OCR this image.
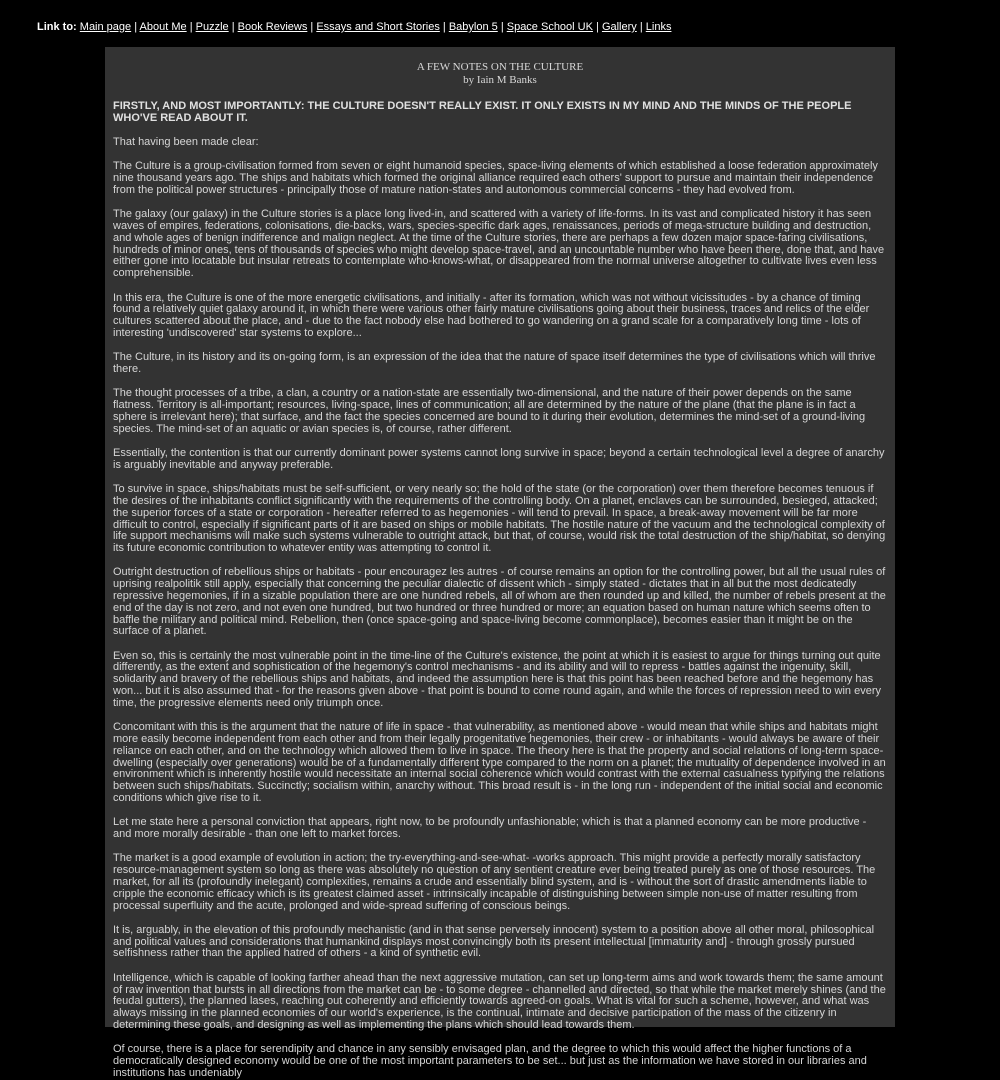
Link to: Main page | About Me | Puzzle | Book Reviews | Essays and Short Stories | Babylon 5 | Space School UK | Gallery | Links
A FEW NOTES ON THE CULTURE
by Iain M Banks
FIRSTLY, AND MOST IMPORTANTLY: THE CULTURE DOESN'T REALLY EXIST. IT ONLY EXISTS IN MY MIND AND THE MINDS OF THE PEOPLE WHO'VE READ ABOUT IT.
That having been made clear:
The Culture is a group-civilisation formed from seven or eight humanoid species, space-living elements of which established a loose federation approximately nine thousand years ago. The ships and habitats which formed the original alliance required each others' support to pursue and maintain their independence from the political power structures - principally those of mature nation-states and autonomous commercial concerns - they had evolved from.
The galaxy (our galaxy) in the Culture stories is a place long lived-in, and scattered with a variety of life-forms. In its vast and complicated history it has seen waves of empires, federations, colonisations, die-backs, wars, species-specific dark ages, renaissances, periods of mega-structure building and destruction, and whole ages of benign indifference and malign neglect. At the time of the Culture stories, there are perhaps a few dozen major space-faring civilisations, hundreds of minor ones, tens of thousands of species who might develop space-travel, and an uncountable number who have been there, done that, and have either gone into locatable but insular retreats to contemplate who-knows-what, or disappeared from the normal universe altogether to cultivate lives even less comprehensible.
In this era, the Culture is one of the more energetic civilisations, and initially - after its formation, which was not without vicissitudes - by a chance of timing found a relatively quiet galaxy around it, in which there were various other fairly mature civilisations going about their business, traces and relics of the elder cultures scattered about the place, and - due to the fact nobody else had bothered to go wandering on a grand scale for a comparatively long time - lots of interesting 'undiscovered' star systems to explore...
The Culture, in its history and its on-going form, is an expression of the idea that the nature of space itself determines the type of civilisations which will thrive there.
The thought processes of a tribe, a clan, a country or a nation-state are essentially two-dimensional, and the nature of their power depends on the same flatness. Territory is all-important; resources, living-space, lines of communication; all are determined by the nature of the plane (that the plane is in fact a sphere is irrelevant here); that surface, and the fact the species concerned are bound to it during their evolution, determines the mind-set of a ground-living species. The mind-set of an aquatic or avian species is, of course, rather different.
Essentially, the contention is that our currently dominant power systems cannot long survive in space; beyond a certain technological level a degree of anarchy is arguably inevitable and anyway preferable.
To survive in space, ships/habitats must be self-sufficient, or very nearly so; the hold of the state (or the corporation) over them therefore becomes tenuous if the desires of the inhabitants conflict significantly with the requirements of the controlling body. On a planet, enclaves can be surrounded, besieged, attacked; the superior forces of a state or corporation - hereafter referred to as hegemonies - will tend to prevail. In space, a break-away movement will be far more difficult to control, especially if significant parts of it are based on ships or mobile habitats. The hostile nature of the vacuum and the technological complexity of life support mechanisms will make such systems vulnerable to outright attack, but that, of course, would risk the total destruction of the ship/habitat, so denying its future economic contribution to whatever entity was attempting to control it.
Outright destruction of rebellious ships or habitats - pour encouragez les autres - of course remains an option for the controlling power, but all the usual rules of uprising realpolitik still apply, especially that concerning the peculiar dialectic of dissent which - simply stated - dictates that in all but the most dedicatedly repressive hegemonies, if in a sizable population there are one hundred rebels, all of whom are then rounded up and killed, the number of rebels present at the end of the day is not zero, and not even one hundred, but two hundred or three hundred or more; an equation based on human nature which seems often to baffle the military and political mind. Rebellion, then (once space-going and space-living become commonplace), becomes easier than it might be on the surface of a planet.
Even so, this is certainly the most vulnerable point in the time-line of the Culture's existence, the point at which it is easiest to argue for things turning out quite differently, as the extent and sophistication of the hegemony's control mechanisms - and its ability and will to repress - battles against the ingenuity, skill, solidarity and bravery of the rebellious ships and habitats, and indeed the assumption here is that this point has been reached before and the hegemony has won... but it is also assumed that - for the reasons given above - that point is bound to come round again, and while the forces of repression need to win every time, the progressive elements need only triumph once.
Concomitant with this is the argument that the nature of life in space - that vulnerability, as mentioned above - would mean that while ships and habitats might more easily become independent from each other and from their legally progenitative hegemonies, their crew - or inhabitants - would always be aware of their reliance on each other, and on the technology which allowed them to live in space. The theory here is that the property and social relations of long-term space-dwelling (especially over generations) would be of a fundamentally different type compared to the norm on a planet; the mutuality of dependence involved in an environment which is inherently hostile would necessitate an internal social coherence which would contrast with the external casualness typifying the relations between such ships/habitats. Succinctly; socialism within, anarchy without. This broad result is - in the long run - independent of the initial social and economic conditions which give rise to it.
Let me state here a personal conviction that appears, right now, to be profoundly unfashionable; which is that a planned economy can be more productive - and more morally desirable - than one left to market forces.
The market is a good example of evolution in action; the try-everything-and-see-what- -works approach. This might provide a perfectly morally satisfactory resource-management system so long as there was absolutely no question of any sentient creature ever being treated purely as one of those resources. The market, for all its (profoundly inelegant) complexities, remains a crude and essentially blind system, and is - without the sort of drastic amendments liable to cripple the economic efficacy which is its greatest claimed asset - intrinsically incapable of distinguishing between simple non-use of matter resulting from processal superfluity and the acute, prolonged and wide-spread suffering of conscious beings.
It is, arguably, in the elevation of this profoundly mechanistic (and in that sense perversely innocent) system to a position above all other moral, philosophical and political values and considerations that humankind displays most convincingly both its present intellectual [immaturity and] - through grossly pursued selfishness rather than the applied hatred of others - a kind of synthetic evil.
Intelligence, which is capable of looking farther ahead than the next aggressive mutation, can set up long-term aims and work towards them; the same amount of raw invention that bursts in all directions from the market can be - to some degree - channelled and directed, so that while the market merely shines (and the feudal gutters), the planned lases, reaching out coherently and efficiently towards agreed-on goals. What is vital for such a scheme, however, and what was always missing in the planned economies of our world's experience, is the continual, intimate and decisive participation of the mass of the citizenry in determining these goals, and designing as well as implementing the plans which should lead towards them.
Of course, there is a place for serendipity and chance in any sensibly envisaged plan, and the degree to which this would affect the higher functions of a democratically designed economy would be one of the most important parameters to be set... but just as the information we have stored in our libraries and institutions has undeniably
